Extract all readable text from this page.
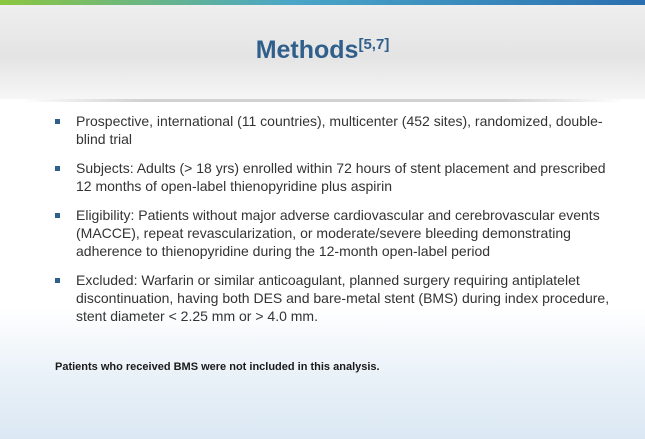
Methods[5,7]
Prospective, international (11 countries), multicenter (452 sites), randomized, double-blind trial
Subjects: Adults (> 18 yrs) enrolled within 72 hours of stent placement and prescribed 12 months of open-label thienopyridine plus aspirin
Eligibility: Patients without major adverse cardiovascular and cerebrovascular events (MACCE), repeat revascularization, or moderate/severe bleeding demonstrating adherence to thienopyridine during the 12-month open-label period
Excluded: Warfarin or similar anticoagulant, planned surgery requiring antiplatelet discontinuation, having both DES and bare-metal stent (BMS) during index procedure, stent diameter < 2.25 mm or > 4.0 mm.
Patients who received BMS were not included in this analysis.
